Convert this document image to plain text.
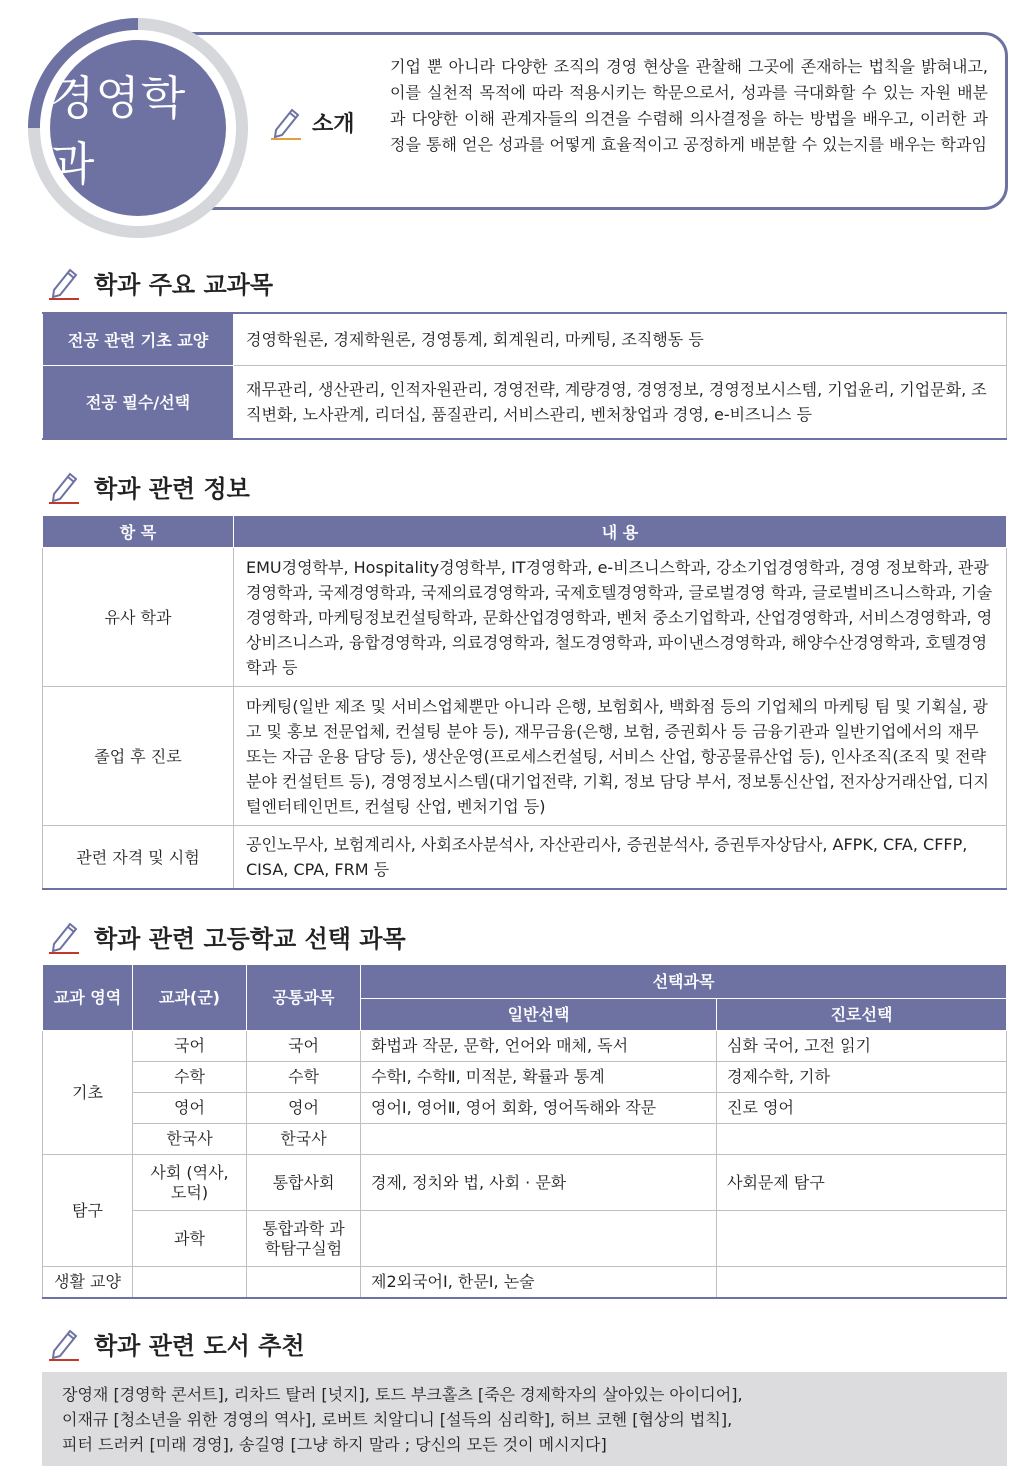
경영학과
소개

기업 뿐 아니라 다양한 조직의 경영 현상을 관찰해 그곳에 존재하는 법칙을 밝혀내고, 이를 실천적 목적에 따라 적용시키는 학문으로서, 성과를 극대화할 수 있는 자원 배분과 다양한 이해 관계자들의 의견을 수렴해 의사결정을 하는 방법을 배우고, 이러한 과정을 통해 얻은 성과를 어떻게 효율적이고 공정하게 배분할 수 있는지를 배우는 학과임

학과 주요 교과목
전공 관련 기초 교양	경영학원론, 경제학원론, 경영통계, 회계원리, 마케팅, 조직행동 등
전공 필수/선택	재무관리, 생산관리, 인적자원관리, 경영전략, 계량경영, 경영정보, 경영정보시스템, 기업윤리, 기업문화, 조직변화, 노사관계, 리더십, 품질관리, 서비스관리, 벤처창업과 경영, e-비즈니스 등
학과 관련 정보
항 목	내 용
유사 학과	EMU경영학부, Hospitality경영학부, IT경영학과, e-비즈니스학과, 강소기업경영학과, 경영 정보학과, 관광경영학과, 국제경영학과, 국제의료경영학과, 국제호텔경영학과, 글로벌경영 학과, 글로벌비즈니스학과, 기술경영학과, 마케팅정보컨설팅학과, 문화산업경영학과, 벤처 중소기업학과, 산업경영학과, 서비스경영학과, 영상비즈니스과, 융합경영학과, 의료경영학과, 철도경영학과, 파이낸스경영학과, 해양수산경영학과, 호텔경영학과 등
졸업 후 진로	마케팅(일반 제조 및 서비스업체뿐만 아니라 은행, 보험회사, 백화점 등의 기업체의 마케팅 팀 및 기획실, 광고 및 홍보 전문업체, 컨설팅 분야 등), 재무금융(은행, 보험, 증권회사 등 금융기관과 일반기업에서의 재무 또는 자금 운용 담당 등), 생산운영(프로세스컨설팅, 서비스 산업, 항공물류산업 등), 인사조직(조직 및 전략분야 컨설턴트 등), 경영정보시스템(대기업전략, 기획, 정보 담당 부서, 정보통신산업, 전자상거래산업, 디지털엔터테인먼트, 컨설팅 산업, 벤처기업 등)
관련 자격 및 시험	공인노무사, 보험계리사, 사회조사분석사, 자산관리사, 증권분석사, 증권투자상담사, AFPK, CFA, CFFP, CISA, CPA, FRM 등
학과 관련 고등학교 선택 과목
교과 영역	교과(군)	공통과목	선택과목	
			일반선택	진로선택
기초	국어	국어	화법과 작문, 문학, 언어와 매체, 독서	심화 국어, 고전 읽기
	수학	수학	수학Ⅰ, 수학Ⅱ, 미적분, 확률과 통계	경제수학, 기하
	영어	영어	영어Ⅰ, 영어Ⅱ, 영어 회화, 영어독해와 작문	진로 영어
	한국사	한국사		
탐구	사회 (역사,도덕)	통합사회	경제, 정치와 법, 사회 · 문화	사회문제 탐구
	과학	통합과학 과학탐구실험		
생활 교양			제2외국어Ⅰ, 한문Ⅰ, 논술	
학과 관련 도서 추천
장영재 [경영학 콘서트], 리차드 탈러 [넛지], 토드 부크홀츠 [죽은 경제학자의 살아있는 아이디어],
이재규 [청소년을 위한 경영의 역사], 로버트 치알디니 [설득의 심리학], 허브 코헨 [협상의 법칙],
피터 드러커 [미래 경영], 송길영 [그냥 하지 말라 ; 당신의 모든 것이 메시지다]
